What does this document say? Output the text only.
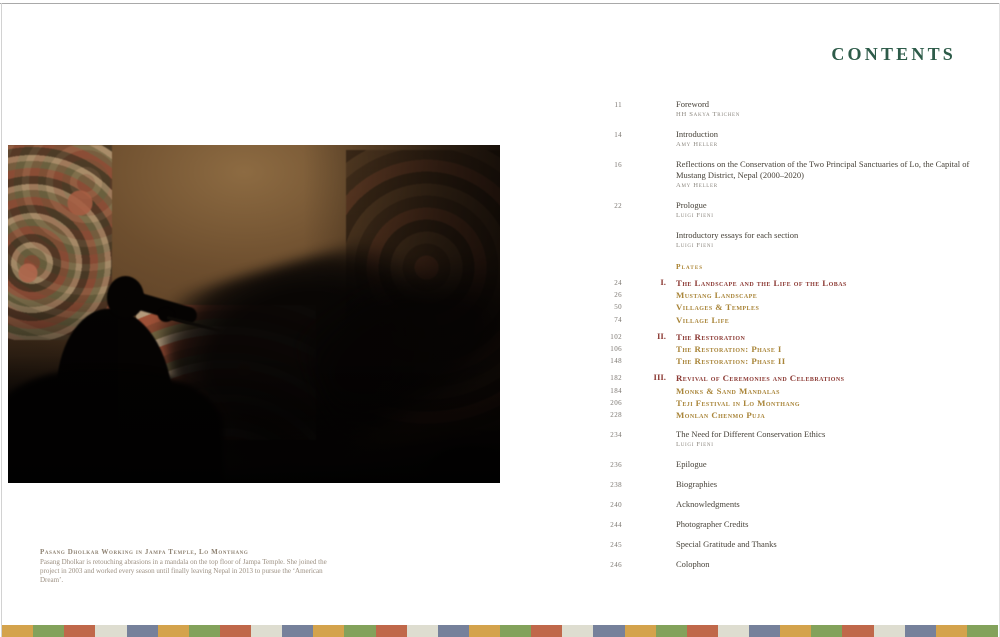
CONTENTS
Pasang Dholkar Working in Jampa Temple, Lo Monthang
Pasang Dholkar is retouching abrasions in a mandala on the top floor of Jampa Temple. She joined the project in 2003 and worked every season until finally leaving Nepal in 2013 to pursue the ‘American Dream’.
11	Foreword
HH Sakya Trichen
14	Introduction
Amy Heller
16	Reflections on the Conservation of the Two Principal Sanctuaries of Lo, the Capital of Mustang District, Nepal (2000–2020)
Amy Heller
22	Prologue
Luigi Fieni
Introductory essays for each section
Luigi Fieni
Plates
24	I.	The Landscape and the Life of the Lobas
26	Mustang Landscape
50	Villages & Temples
74	Village Life
102	II.	The Restoration
106	The Restoration: Phase I
148	The Restoration: Phase II
182	III.	Revival of Ceremonies and Celebrations
184	Monks & Sand Mandalas
206	Teji Festival in Lo Monthang
228	Monlan Chenmo Puja
234	The Need for Different Conservation Ethics
Luigi Fieni
236	Epilogue
238	Biographies
240	Acknowledgments
244	Photographer Credits
245	Special Gratitude and Thanks
246	Colophon
